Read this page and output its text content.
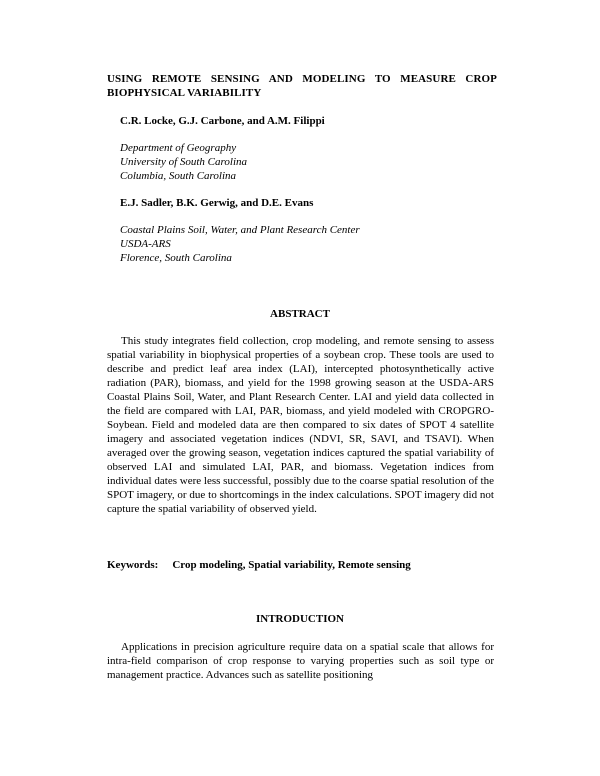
USING REMOTE SENSING AND MODELING TO MEASURE CROP BIOPHYSICAL VARIABILITY
C.R. Locke, G.J. Carbone, and A.M. Filippi
Department of Geography
University of South Carolina
Columbia, South Carolina
E.J. Sadler, B.K. Gerwig, and D.E. Evans
Coastal Plains Soil, Water, and Plant Research Center
USDA-ARS
Florence, South Carolina
ABSTRACT
This study integrates field collection, crop modeling, and remote sensing to assess spatial variability in biophysical properties of a soybean crop. These tools are used to describe and predict leaf area index (LAI), intercepted photosynthetically active radiation (PAR), biomass, and yield for the 1998 growing season at the USDA-ARS Coastal Plains Soil, Water, and Plant Research Center. LAI and yield data collected in the field are compared with LAI, PAR, biomass, and yield modeled with CROPGRO-Soybean. Field and modeled data are then compared to six dates of SPOT 4 satellite imagery and associated vegetation indices (NDVI, SR, SAVI, and TSAVI). When averaged over the growing season, vegetation indices captured the spatial variability of observed LAI and simulated LAI, PAR, and biomass. Vegetation indices from individual dates were less successful, possibly due to the coarse spatial resolution of the SPOT imagery, or due to shortcomings in the index calculations. SPOT imagery did not capture the spatial variability of observed yield.
Keywords: Crop modeling, Spatial variability, Remote sensing
INTRODUCTION
Applications in precision agriculture require data on a spatial scale that allows for intra-field comparison of crop response to varying properties such as soil type or management practice. Advances such as satellite positioning
